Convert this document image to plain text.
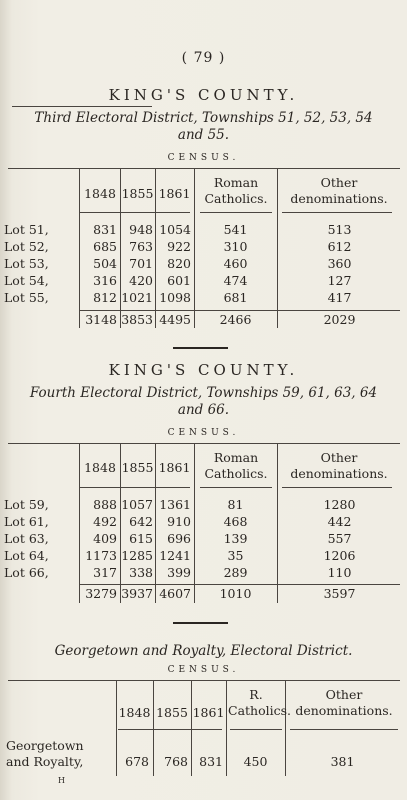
( 79 )
KING'S COUNTY.
Third Electoral District, Townships 51, 52, 53, 54
and 55.
CENSUS.
1848 1855 1861
Roman Catholics.
Other denominations.
Lot 51,	831 948 1054	541	513
Lot 52,	685 763	922	310	612
Lot 53,	504 701	820	460	360
Lot 54,	316 420	601	474	127
Lot 55,	812 1021 1098	681	417
3148 3853 4495	2466	2029
KING'S COUNTY.
Fourth Electoral District, Townships 59, 61, 63, 64
and 66.
CENSUS.
1848 1855 1861
Roman Catholics.
Other denominations.
Lot 59,	888 1057 1361	81	1280
Lot 61,	492 642	910	468	442
Lot 63,	409 615	696	139	557
Lot 64,	1173 1285 1241	35	1206
Lot 66,	317 338	399	289	110
3279 3937 4607	1010	3597
Georgetown and Royalty, Electoral District.
CENSUS.
1848 1855 1861
R. Catholics.
Other denominations.
Georgetown
and Royalty,	678	768 831	450	381
H
